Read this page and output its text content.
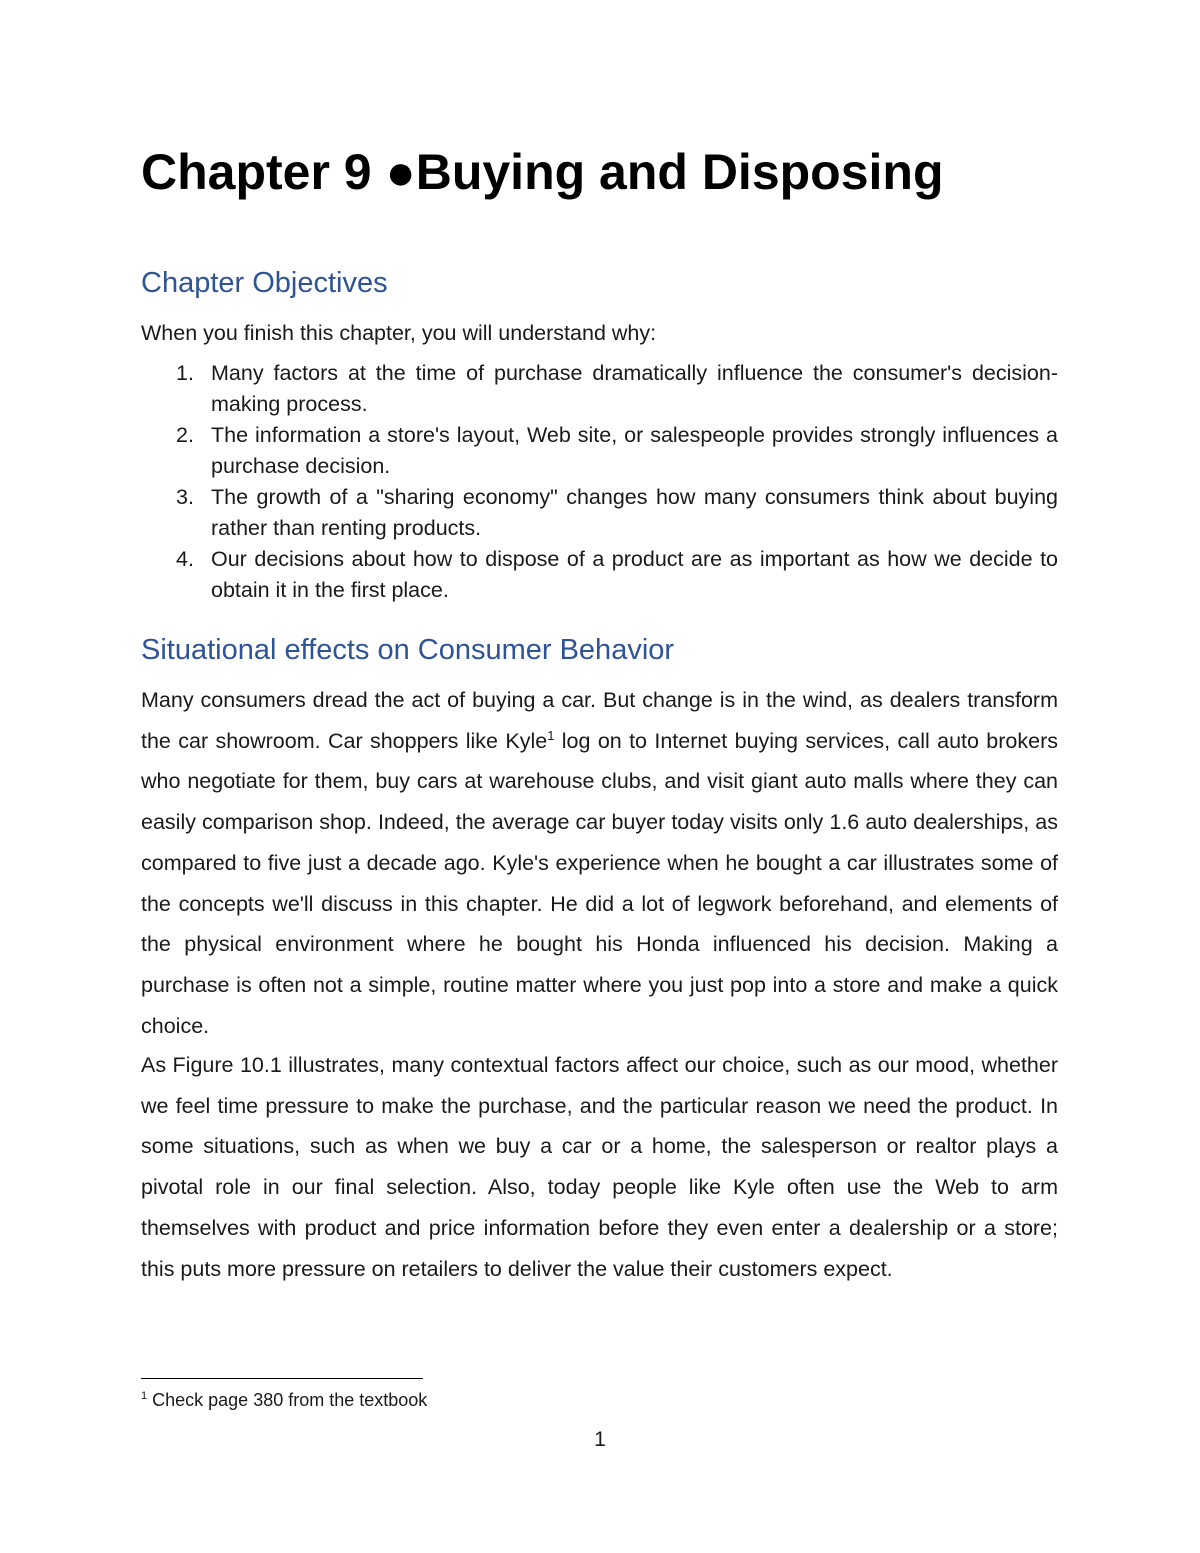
Chapter 9 ●Buying and Disposing
Chapter Objectives
When you finish this chapter, you will understand why:
1. Many factors at the time of purchase dramatically influence the consumer's decision-making process.
2. The information a store's layout, Web site, or salespeople provides strongly influences a purchase decision.
3. The growth of a "sharing economy" changes how many consumers think about buying rather than renting products.
4. Our decisions about how to dispose of a product are as important as how we decide to obtain it in the first place.
Situational effects on Consumer Behavior
Many consumers dread the act of buying a car. But change is in the wind, as dealers transform the car showroom. Car shoppers like Kyle$^1$ log on to Internet buying services, call auto brokers who negotiate for them, buy cars at warehouse clubs, and visit giant auto malls where they can easily comparison shop. Indeed, the average car buyer today visits only 1.6 auto dealerships, as compared to five just a decade ago. Kyle's experience when he bought a car illustrates some of the concepts we'll discuss in this chapter. He did a lot of legwork beforehand, and elements of the physical environment where he bought his Honda influenced his decision. Making a purchase is often not a simple, routine matter where you just pop into a store and make a quick choice.
As Figure 10.1 illustrates, many contextual factors affect our choice, such as our mood, whether we feel time pressure to make the purchase, and the particular reason we need the product. In some situations, such as when we buy a car or a home, the salesperson or realtor plays a pivotal role in our final selection. Also, today people like Kyle often use the Web to arm themselves with product and price information before they even enter a dealership or a store; this puts more pressure on retailers to deliver the value their customers expect.
$^1$ Check page 380 from the textbook
1
